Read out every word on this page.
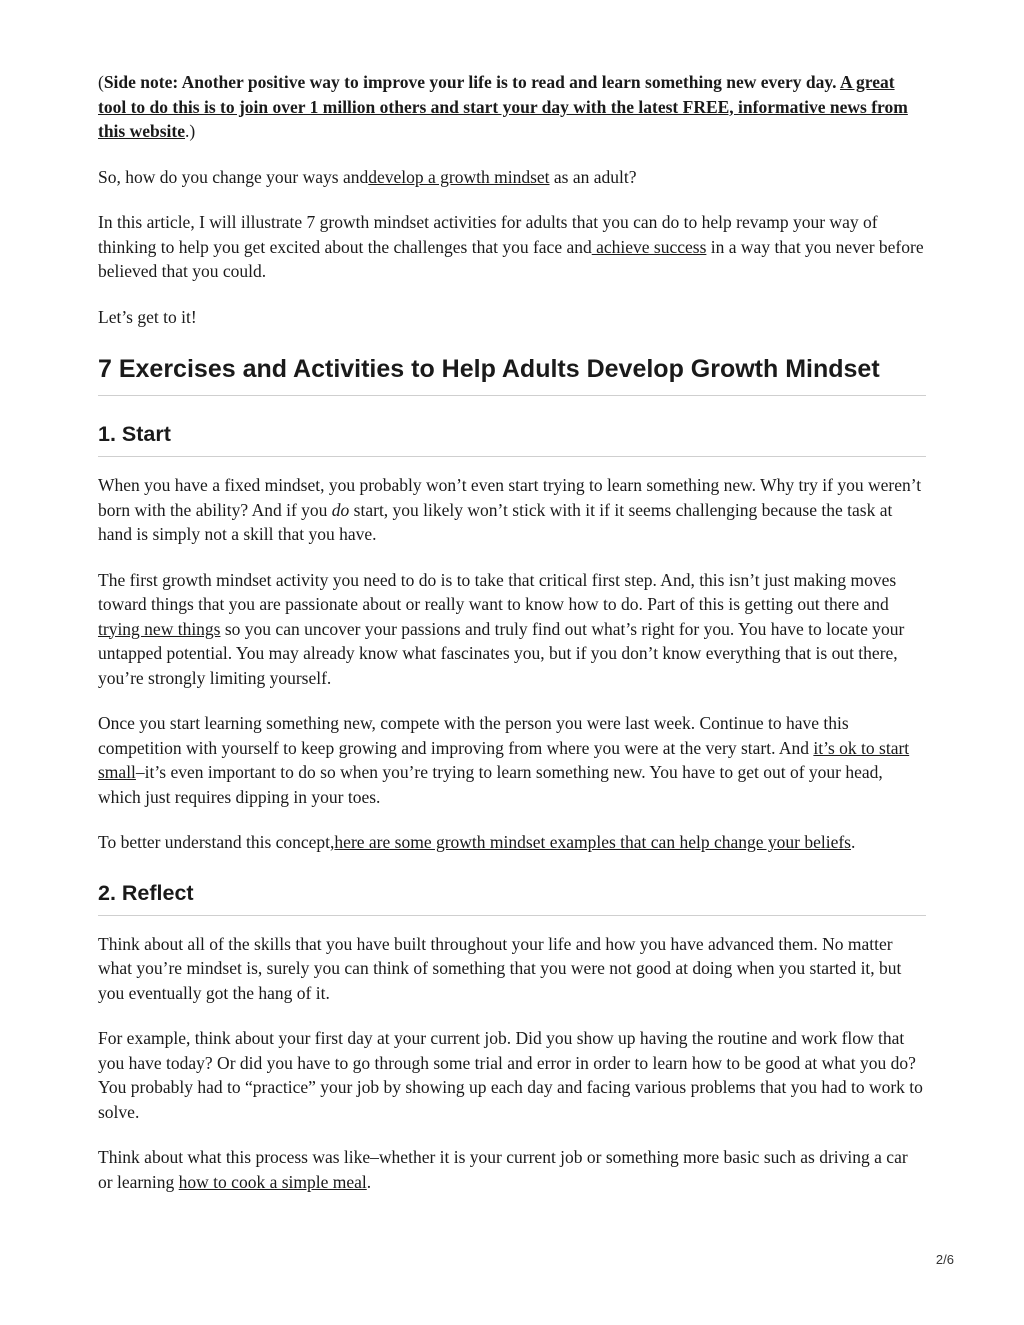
(Side note: Another positive way to improve your life is to read and learn something new every day. A great tool to do this is to join over 1 million others and start your day with the latest FREE, informative news from this website.)

So, how do you change your ways anddevelop a growth mindset as an adult?

In this article, I will illustrate 7 growth mindset activities for adults that you can do to help revamp your way of thinking to help you get excited about the challenges that you face and achieve success in a way that you never before believed that you could.

Let’s get to it!

7 Exercises and Activities to Help Adults Develop Growth Mindset
1. Start

When you have a fixed mindset, you probably won’t even start trying to learn something new. Why try if you weren’t born with the ability? And if you do start, you likely won’t stick with it if it seems challenging because the task at hand is simply not a skill that you have.

The first growth mindset activity you need to do is to take that critical first step. And, this isn’t just making moves toward things that you are passionate about or really want to know how to do. Part of this is getting out there and trying new things so you can uncover your passions and truly find out what’s right for you. You have to locate your untapped potential. You may already know what fascinates you, but if you don’t know everything that is out there, you’re strongly limiting yourself.

Once you start learning something new, compete with the person you were last week. Continue to have this competition with yourself to keep growing and improving from where you were at the very start. And it’s ok to start small–it’s even important to do so when you’re trying to learn something new. You have to get out of your head, which just requires dipping in your toes.

To better understand this concept,here are some growth mindset examples that can help change your beliefs.

2. Reflect

Think about all of the skills that you have built throughout your life and how you have advanced them. No matter what you’re mindset is, surely you can think of something that you were not good at doing when you started it, but you eventually got the hang of it.

For example, think about your first day at your current job. Did you show up having the routine and work flow that you have today? Or did you have to go through some trial and error in order to learn how to be good at what you do? You probably had to “practice” your job by showing up each day and facing various problems that you had to work to solve.

Think about what this process was like–whether it is your current job or something more basic such as driving a car or learning how to cook a simple meal.

2/6
